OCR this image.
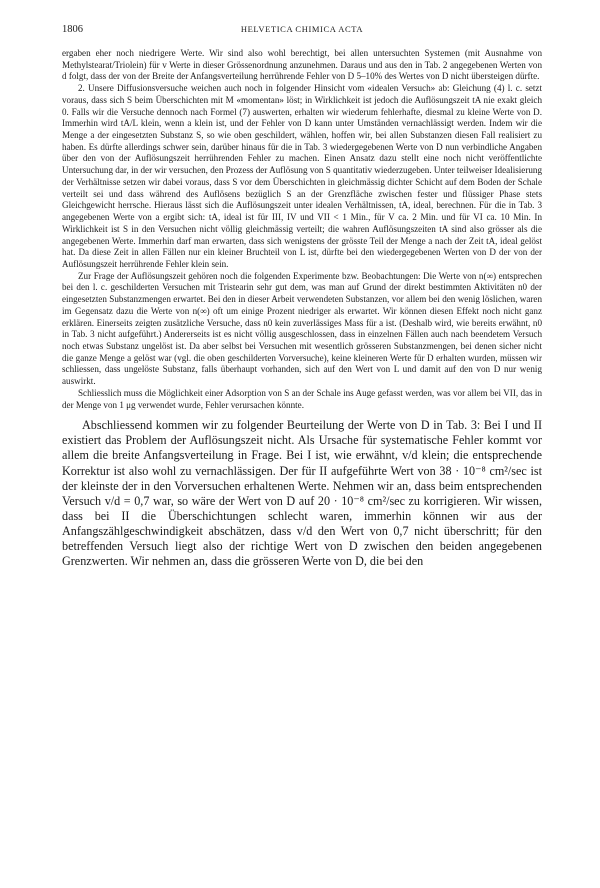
1806	HELVETICA CHIMICA ACTA

ergaben eher noch niedrigere Werte. Wir sind also wohl berechtigt, bei allen untersuchten Systemen (mit Ausnahme von Methylstearat/Triolein) für v Werte in dieser Grössenordnung anzunehmen. Daraus und aus den in Tab. 2 angegebenen Werten von d folgt, dass der von der Breite der Anfangsverteilung herrührende Fehler von D 5–10% des Wertes von D nicht übersteigen dürfte.

2. Unsere Diffusionsversuche weichen auch noch in folgender Hinsicht vom «idealen Versuch» ab: Gleichung (4) l. c. setzt voraus, dass sich S beim Überschichten mit M «momentan» löst; in Wirklichkeit ist jedoch die Auflösungszeit tA nie exakt gleich 0. Falls wir die Versuche dennoch nach Formel (7) auswerten, erhalten wir wiederum fehlerhafte, diesmal zu kleine Werte von D. Immerhin wird tA/L klein, wenn a klein ist, und der Fehler von D kann unter Umständen vernachlässigt werden. Indem wir die Menge a der eingesetzten Substanz S, so wie oben geschildert, wählen, hoffen wir, bei allen Substanzen diesen Fall realisiert zu haben. Es dürfte allerdings schwer sein, darüber hinaus für die in Tab. 3 wiedergegebenen Werte von D nun verbindliche Angaben über den von der Auflösungszeit herrührenden Fehler zu machen. Einen Ansatz dazu stellt eine noch nicht veröffentlichte Untersuchung dar, in der wir versuchen, den Prozess der Auflösung von S quantitativ wiederzugeben. Unter teilweiser Idealisierung der Verhältnisse setzen wir dabei voraus, dass S vor dem Überschichten in gleichmässig dichter Schicht auf dem Boden der Schale verteilt sei und dass während des Auflösens bezüglich S an der Grenzfläche zwischen fester und flüssiger Phase stets Gleichgewicht herrsche. Hieraus lässt sich die Auflösungszeit unter idealen Verhältnissen, tA, ideal, berechnen. Für die in Tab. 3 angegebenen Werte von a ergibt sich: tA, ideal ist für III, IV und VII < 1 Min., für V ca. 2 Min. und für VI ca. 10 Min. In Wirklichkeit ist S in den Versuchen nicht völlig gleichmässig verteilt; die wahren Auflösungszeiten tA sind also grösser als die angegebenen Werte. Immerhin darf man erwarten, dass sich wenigstens der grösste Teil der Menge a nach der Zeit tA, ideal gelöst hat. Da diese Zeit in allen Fällen nur ein kleiner Bruchteil von L ist, dürfte bei den wiedergegebenen Werten von D der von der Auflösungszeit herrührende Fehler klein sein.

Zur Frage der Auflösungszeit gehören noch die folgenden Experimente bzw. Beobachtungen: Die Werte von n(∞) entsprechen bei den l. c. geschilderten Versuchen mit Tristearin sehr gut dem, was man auf Grund der direkt bestimmten Aktivitäten n0 der eingesetzten Substanzmengen erwartet. Bei den in dieser Arbeit verwendeten Substanzen, vor allem bei den wenig löslichen, waren im Gegensatz dazu die Werte von n(∞) oft um einige Prozent niedriger als erwartet. Wir können diesen Effekt noch nicht ganz erklären. Einerseits zeigten zusätzliche Versuche, dass n0 kein zuverlässiges Mass für a ist. (Deshalb wird, wie bereits erwähnt, n0 in Tab. 3 nicht aufgeführt.) Andererseits ist es nicht völlig ausgeschlossen, dass in einzelnen Fällen auch nach beendetem Versuch noch etwas Substanz ungelöst ist. Da aber selbst bei Versuchen mit wesentlich grösseren Substanzmengen, bei denen sicher nicht die ganze Menge a gelöst war (vgl. die oben geschilderten Vorversuche), keine kleineren Werte für D erhalten wurden, müssen wir schliessen, dass ungelöste Substanz, falls überhaupt vorhanden, sich auf den Wert von L und damit auf den von D nur wenig auswirkt.

Schliesslich muss die Möglichkeit einer Adsorption von S an der Schale ins Auge gefasst werden, was vor allem bei VII, das in der Menge von 1 μg verwendet wurde, Fehler verursachen könnte.

Abschliessend kommen wir zu folgender Beurteilung der Werte von D in Tab. 3: Bei I und II existiert das Problem der Auflösungszeit nicht. Als Ursache für systematische Fehler kommt vor allem die breite Anfangsverteilung in Frage. Bei I ist, wie erwähnt, v/d klein; die entsprechende Korrektur ist also wohl zu vernachlässigen. Der für II aufgeführte Wert von 38 · 10⁻⁸ cm²/sec ist der kleinste der in den Vorversuchen erhaltenen Werte. Nehmen wir an, dass beim entsprechenden Versuch v/d = 0,7 war, so wäre der Wert von D auf 20 · 10⁻⁸ cm²/sec zu korrigieren. Wir wissen, dass bei II die Überschichtungen schlecht waren, immerhin können wir aus der Anfangszählgeschwindigkeit abschätzen, dass v/d den Wert von 0,7 nicht überschritt; für den betreffenden Versuch liegt also der richtige Wert von D zwischen den beiden angegebenen Grenzwerten. Wir nehmen an, dass die grösseren Werte von D, die bei den
